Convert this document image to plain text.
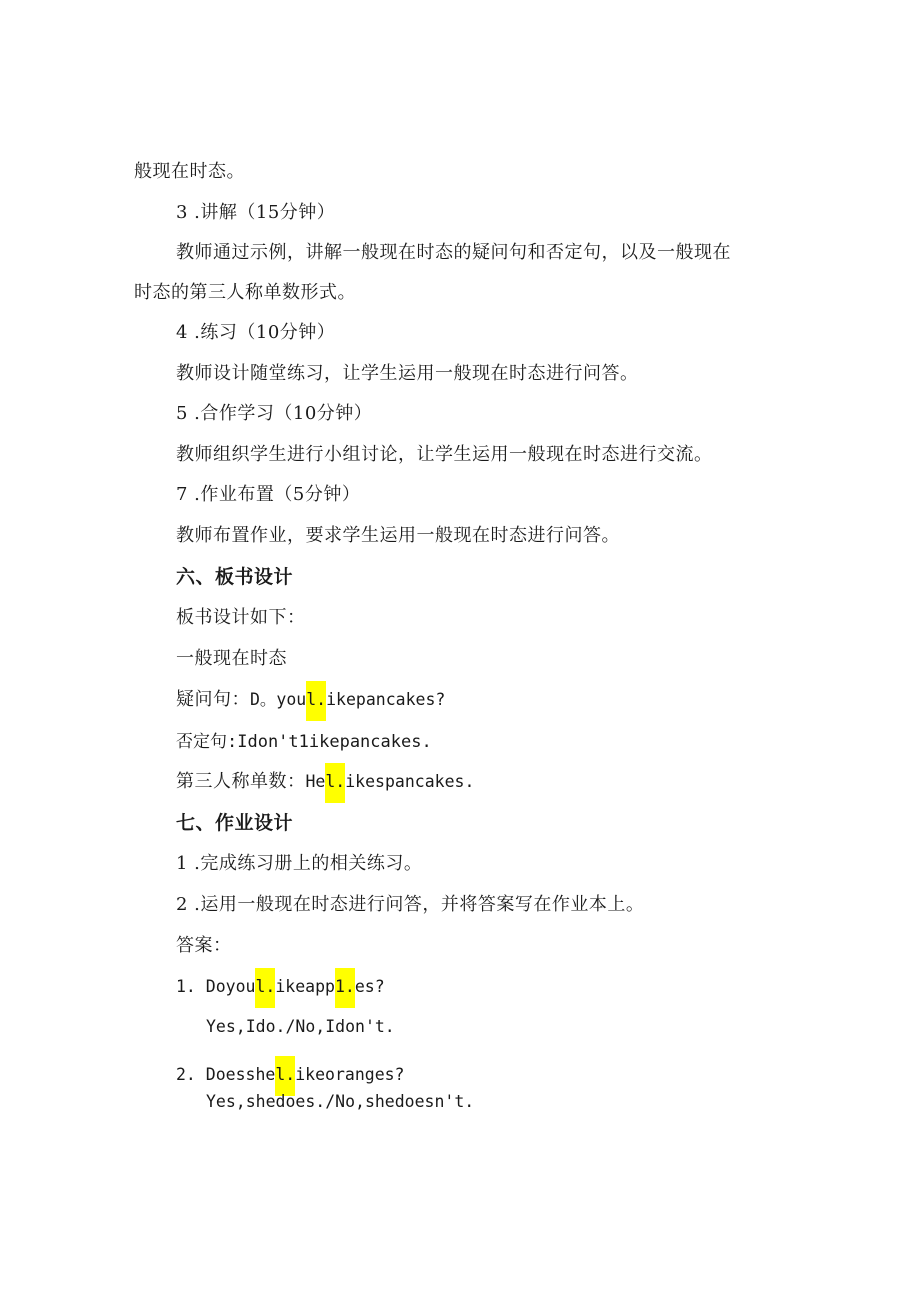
般现在时态。
3 .讲解（15分钟）
教师通过示例，讲解一般现在时态的疑问句和否定句，以及一般现在
时态的第三人称单数形式。
4 .练习（10分钟）
教师设计随堂练习，让学生运用一般现在时态进行问答。
5 .合作学习（10分钟）
教师组织学生进行小组讨论，让学生运用一般现在时态进行交流。
7 .作业布置（5分钟）
教师布置作业，要求学生运用一般现在时态进行问答。
六、板书设计
板书设计如下：
一般现在时态
疑问句：D。youl.ikepancakes?
否定句:Idon't1ikepancakes.
第三人称单数：Hel.ikespancakes.
七、作业设计
1 .完成练习册上的相关练习。
2 .运用一般现在时态进行问答，并将答案写在作业本上。
答案：
1. Doyoul.ikeapp1.es?
Yes,Ido./No,Idon't.
2. Doesshel.ikeoranges?
Yes,shedoes./No,shedoesn't.
